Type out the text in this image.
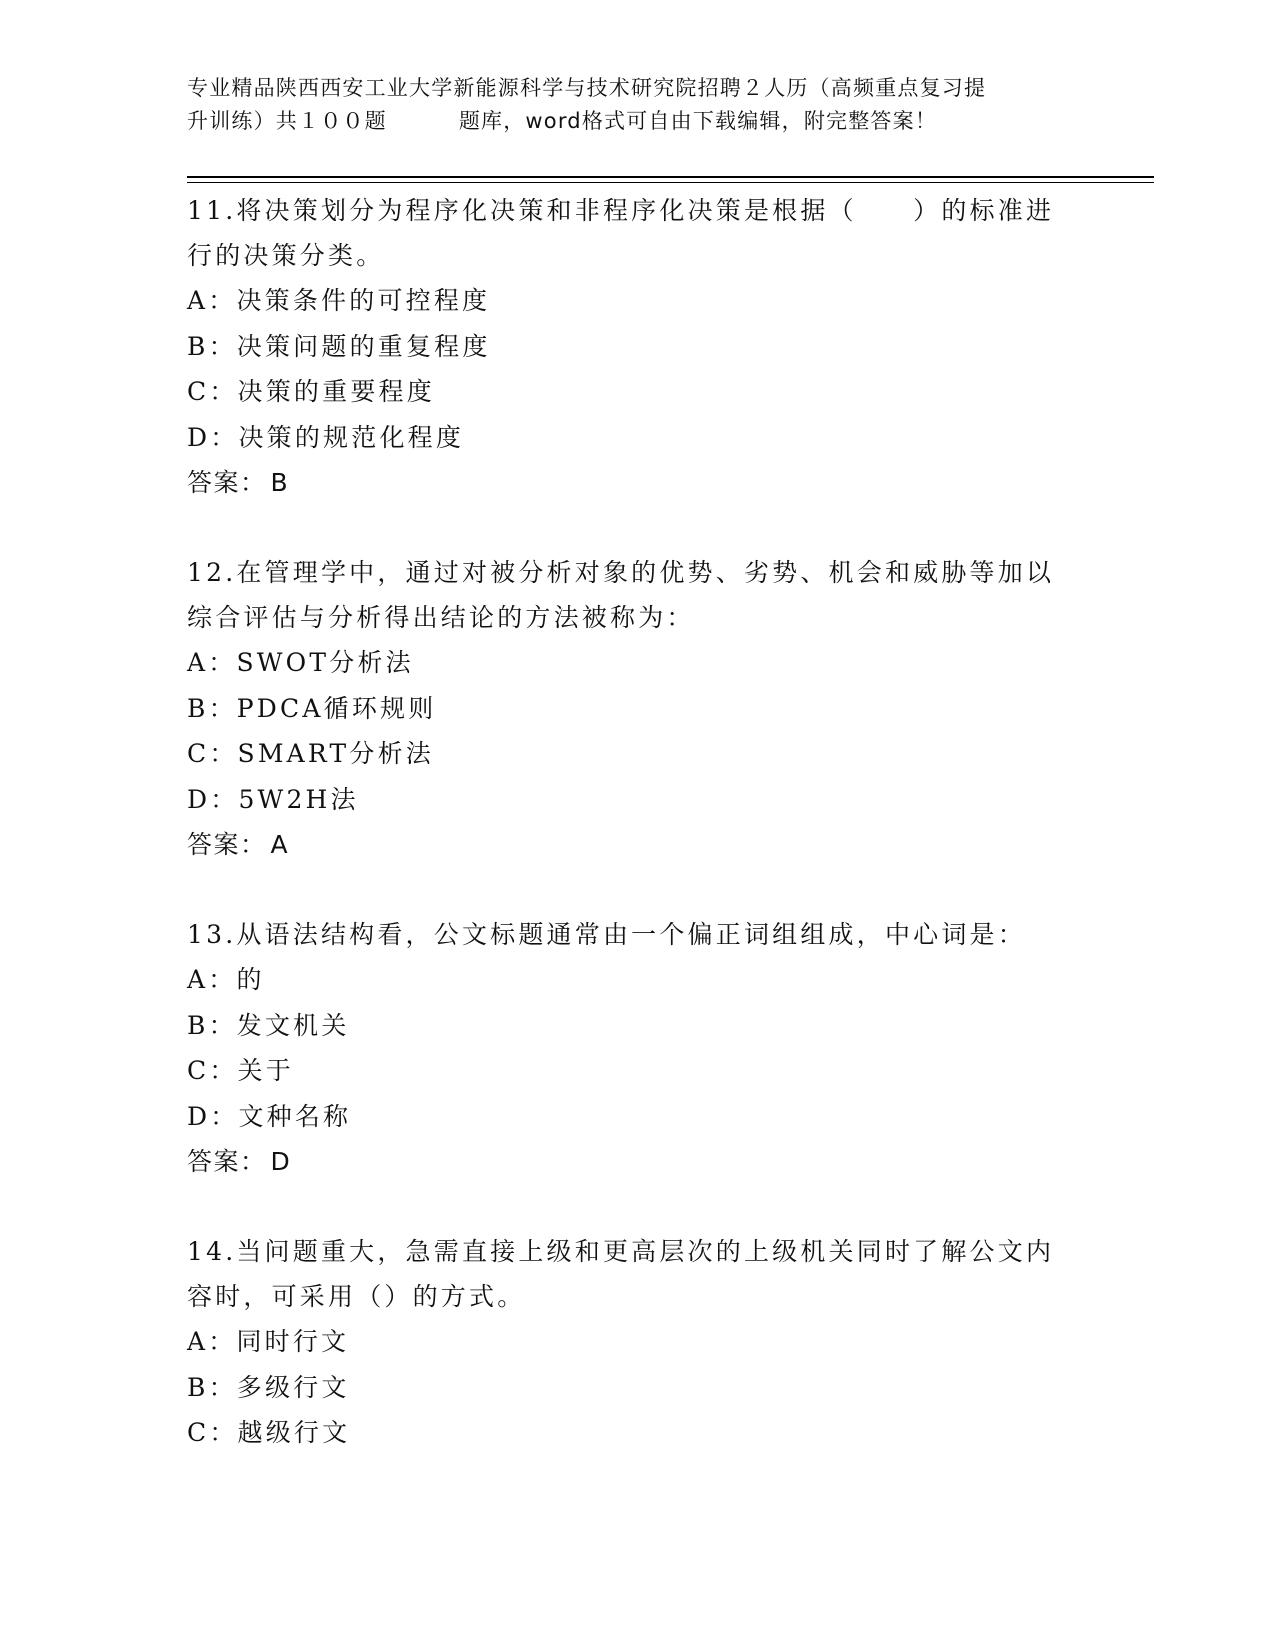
专业精品陕西西安工业大学新能源科学与技术研究院招聘２人历（高频重点复习提
升训练）共１００题	题库，word格式可自由下载编辑，附完整答案！

11.将决策划分为程序化决策和非程序化决策是根据（　　）的标准进

行的决策分类。

A：决策条件的可控程度

B：决策问题的重复程度

C：决策的重要程度

D：决策的规范化程度

答案： B

12.在管理学中，通过对被分析对象的优势、劣势、机会和威胁等加以

综合评估与分析得出结论的方法被称为：

A：SWOT分析法

B：PDCA循环规则

C：SMART分析法

D：5W2H法

答案： A

13.从语法结构看，公文标题通常由一个偏正词组组成，中心词是：

A：的

B：发文机关

C：关于

D：文种名称

答案： D

14.当问题重大，急需直接上级和更高层次的上级机关同时了解公文内

容时，可采用（）的方式。

A：同时行文

B：多级行文

C：越级行文
